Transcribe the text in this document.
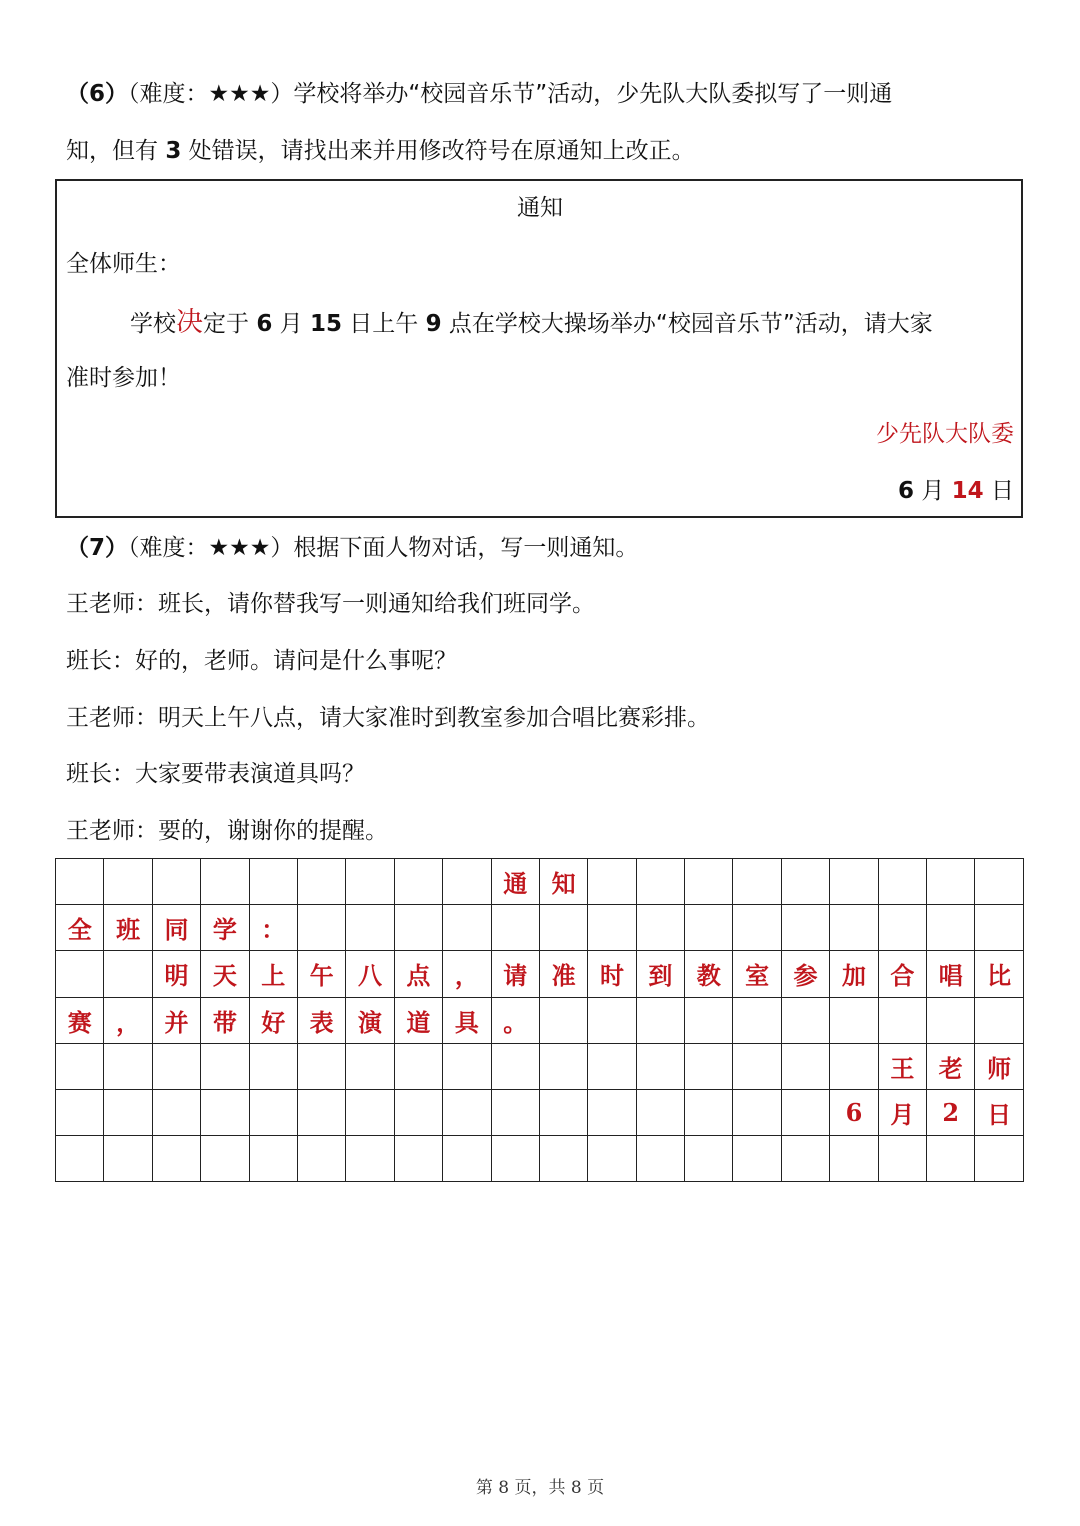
（6）（难度：★★★）学校将举办“校园音乐节”活动，少先队大队委拟写了一则通
知，但有 3 处错误，请找出来并用修改符号在原通知上改正。
通知
全体师生：
学校决定于 6 月 15 日上午 9 点在学校大操场举办“校园音乐节”活动，请大家
准时参加！
少先队大队委
6 月 14 日
（7）（难度：★★★）根据下面人物对话，写一则通知。
王老师：班长，请你替我写一则通知给我们班同学。
班长：好的，老师。请问是什么事呢？
王老师：明天上午八点，请大家准时到教室参加合唱比赛彩排。
班长：大家要带表演道具吗？
王老师：要的，谢谢你的提醒。
									通	知									
全	班	同	学	：															
		明	天	上	午	八	点	，	请	准	时	到	教	室	参	加	合	唱	比
赛	，	并	带	好	表	演	道	具	。										
																	王	老	师
																6	月	2	日

第 8 页，共 8 页
